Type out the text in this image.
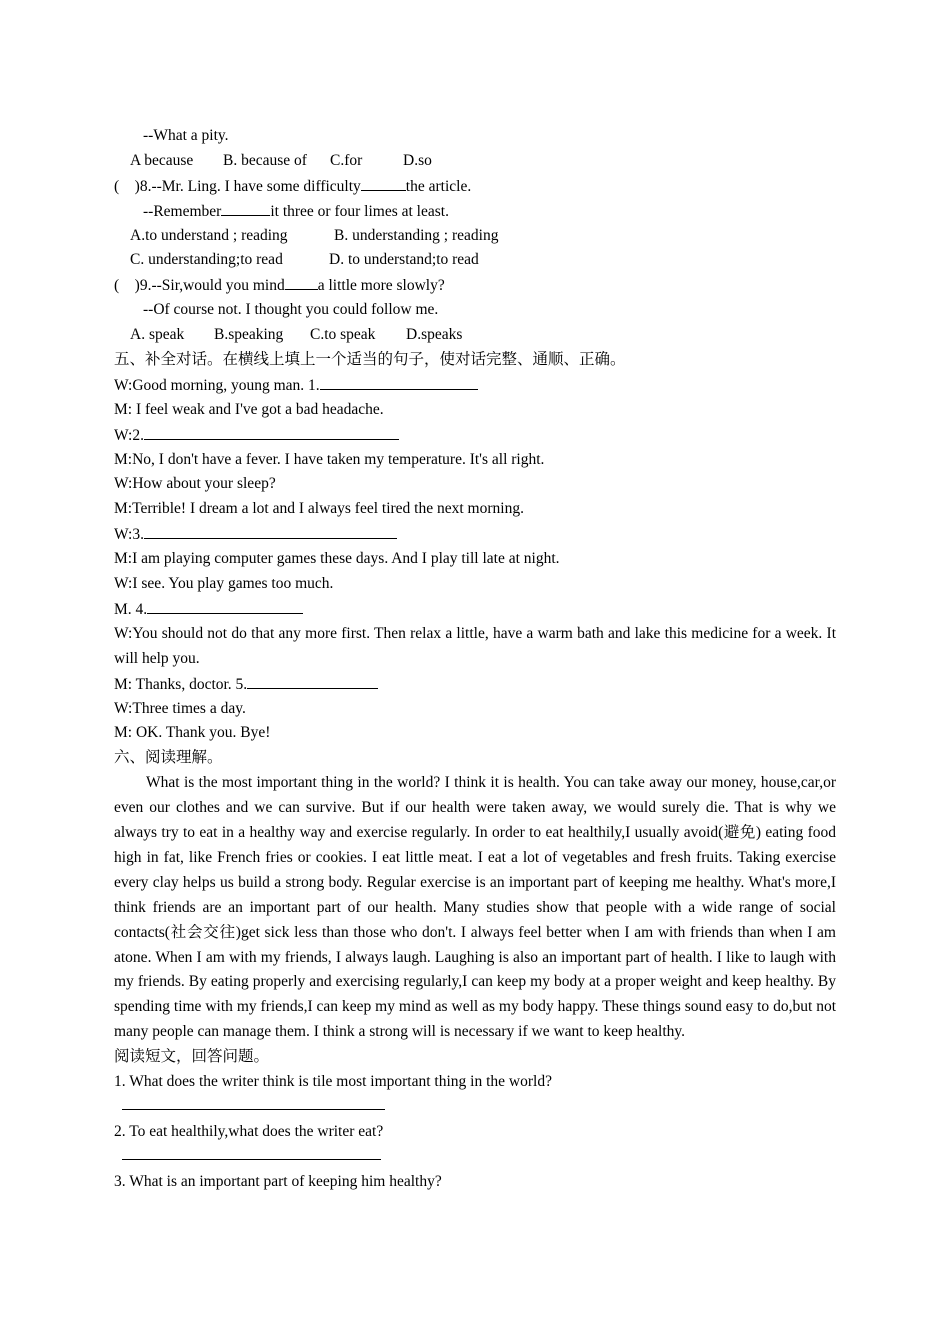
--What a pity.
A because B. because of C.for	D.so
(    )8.--Mr. Ling. I have some difficulty	the article.
--Remember	it three or four limes at least.
A.to understand ; reading	B. understanding ; reading
C. understanding;to read	D. to understand;to read
(    )9.--Sir,would you mind a little more slowly?
--Of course not. I thought you could follow me.
A. speak B.speaking C.to speak D.speaks
五、补全对话。在横线上填上一个适当的句子，使对话完整、通顺、正确。
W:Good morning, young man. 1.
M: I feel weak and I've got a bad headache.
W:2.
M:No, I don't have a fever. I have taken my temperature. It's all right.
W:How about your sleep?
M:Terrible! I dream a lot and I always feel tired the next morning.
W:3.
M:I am playing computer games these days. And I play till late at night.
W:I see. You play games too much.
M. 4.
W:You should not do that any more first. Then relax a little, have a warm bath and lake this medicine for a week. It will help you.
M: Thanks, doctor. 5.
W:Three times a day.
M: OK. Thank you. Bye!
六、阅读理解。
What is the most important thing in the world? I think it is health. You can take away our money, house,car,or even our clothes and we can survive. But if our health were taken away, we would surely die. That is why we always try to eat in a healthy way and exercise regularly. In order to eat healthily,I usually avoid(避免) eating food high in fat, like French fries or cookies. I eat little meat. I eat a lot of vegetables and fresh fruits. Taking exercise every clay helps us build a strong body. Regular exercise is an important part of keeping me healthy. What's more,I think friends are an important part of our health. Many studies show that people with a wide range of social contacts(社会交往)get sick less than those who don't. I always feel better when I am with friends than when I am atone. When I am with my friends, I always laugh. Laughing is also an important part of health. I like to laugh with my friends. By eating properly and exercising regularly,I can keep my body at a proper weight and keep healthy. By spending time with my friends,I can keep my mind as well as my body happy. These things sound easy to do,but not many people can manage them. I think a strong will is necessary if we want to keep healthy.
阅读短文，回答问题。
1. What does the writer think is tile most important thing in the world?
2. To eat healthily,what does the writer eat?
3. What is an important part of keeping him healthy?
